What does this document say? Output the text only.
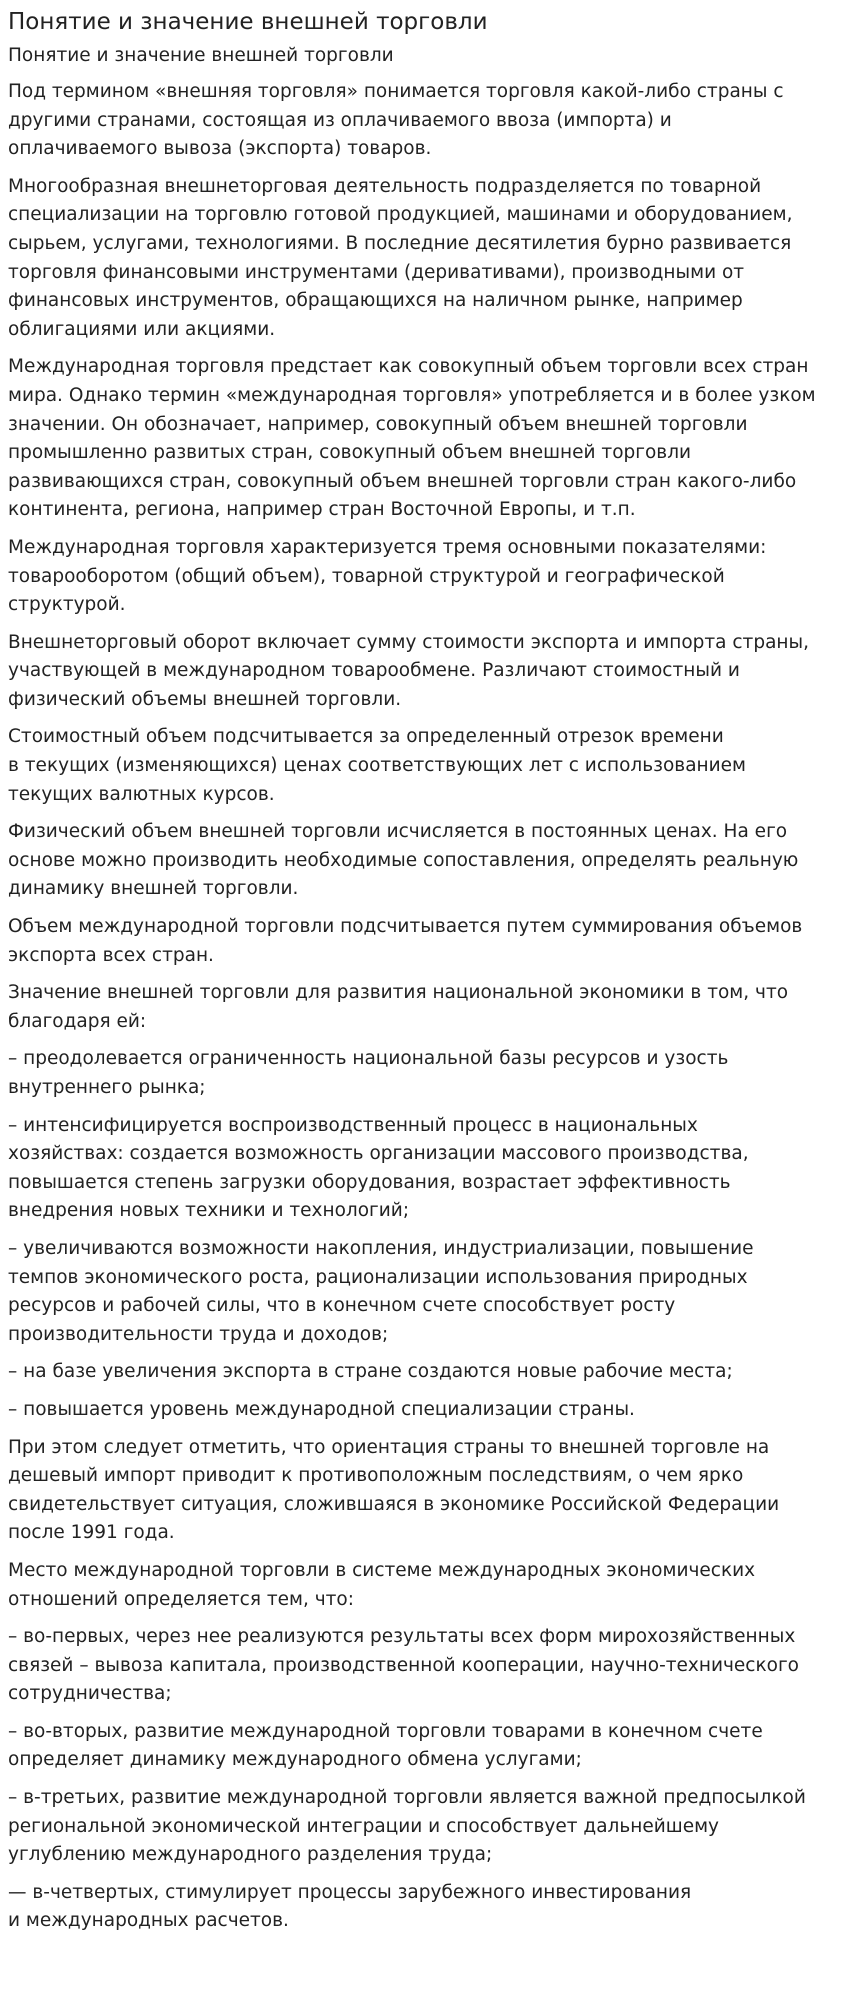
Понятие и значение внешней торговли
Понятие и значение внешней торговли

Под термином «внешняя торговля» понимается торговля какой-либо страны с
другими странами, состоящая из оплачиваемого ввоза (импорта) и
оплачиваемого вывоза (экспорта) товаров.

Многообразная внешнеторговая деятельность подразделяется по товарной
специализации на торговлю готовой продукцией, машинами и оборудованием,
сырьем, услугами, технологиями. В последние десятилетия бурно развивается
торговля финансовыми инструментами (деривативами), производными от
финансовых инструментов, обращающихся на наличном рынке, например
облигациями или акциями.

Международная торговля предстает как совокупный объем торговли всех стран
мира. Однако термин «международная торговля» употребляется и в более узком
значении. Он обозначает, например, совокупный объем внешней торговли
промышленно развитых стран, совокупный объем внешней торговли
развивающихся стран, совокупный объем внешней торговли стран какого-либо
континента, региона, например стран Восточной Европы, и т.п.

Международная торговля характеризуется тремя основными показателями:
товарооборотом (общий объем), товарной структурой и географической
структурой.

Внешнеторговый оборот включает сумму стоимости экспорта и импорта страны,
участвующей в международном товарообмене. Различают стоимостный и
физический объемы внешней торговли.

Стоимостный объем подсчитывается за определенный отрезок времени
в текущих (изменяющихся) ценах соответствующих лет с использованием
текущих валютных курсов.

Физический объем внешней торговли исчисляется в постоянных ценах. На его
основе можно производить необходимые сопоставления, определять реальную
динамику внешней торговли.

Объем международной торговли подсчитывается путем суммирования объемов
экспорта всех стран.

Значение внешней торговли для развития национальной экономики в том, что
благодаря ей:

– преодолевается ограниченность национальной базы ресурсов и узость
внутреннего рынка;

– интенсифицируется воспроизводственный процесс в национальных
хозяйствах: создается возможность организации массового производства,
повышается степень загрузки оборудования, возрастает эффективность
внедрения новых техники и технологий;

– увеличиваются возможности накопления, индустриализации, повышение
темпов экономического роста, рационализации использования природных
ресурсов и рабочей силы, что в конечном счете способствует росту
производительности труда и доходов;

– на базе увеличения экспорта в стране создаются новые рабочие места;

– повышается уровень международной специализации страны.

При этом следует отметить, что ориентация страны то внешней торговле на
дешевый импорт приводит к противоположным последствиям, о чем ярко
свидетельствует ситуация, сложившаяся в экономике Российской Федерации
после 1991 года.

Место международной торговли в системе международных экономических
отношений определяется тем, что:

– во-первых, через нее реализуются результаты всех форм мирохозяйственных
связей – вывоза капитала, производственной кооперации, научно-технического
сотрудничества;

– во-вторых, развитие международной торговли товарами в конечном счете
определяет динамику международного обмена услугами;

– в-третьих, развитие международной торговли является важной предпосылкой
региональной экономической интеграции и способствует дальнейшему
углублению международного разделения труда;

— в-четвертых, стимулирует процессы зарубежного инвестирования
и международных расчетов.
